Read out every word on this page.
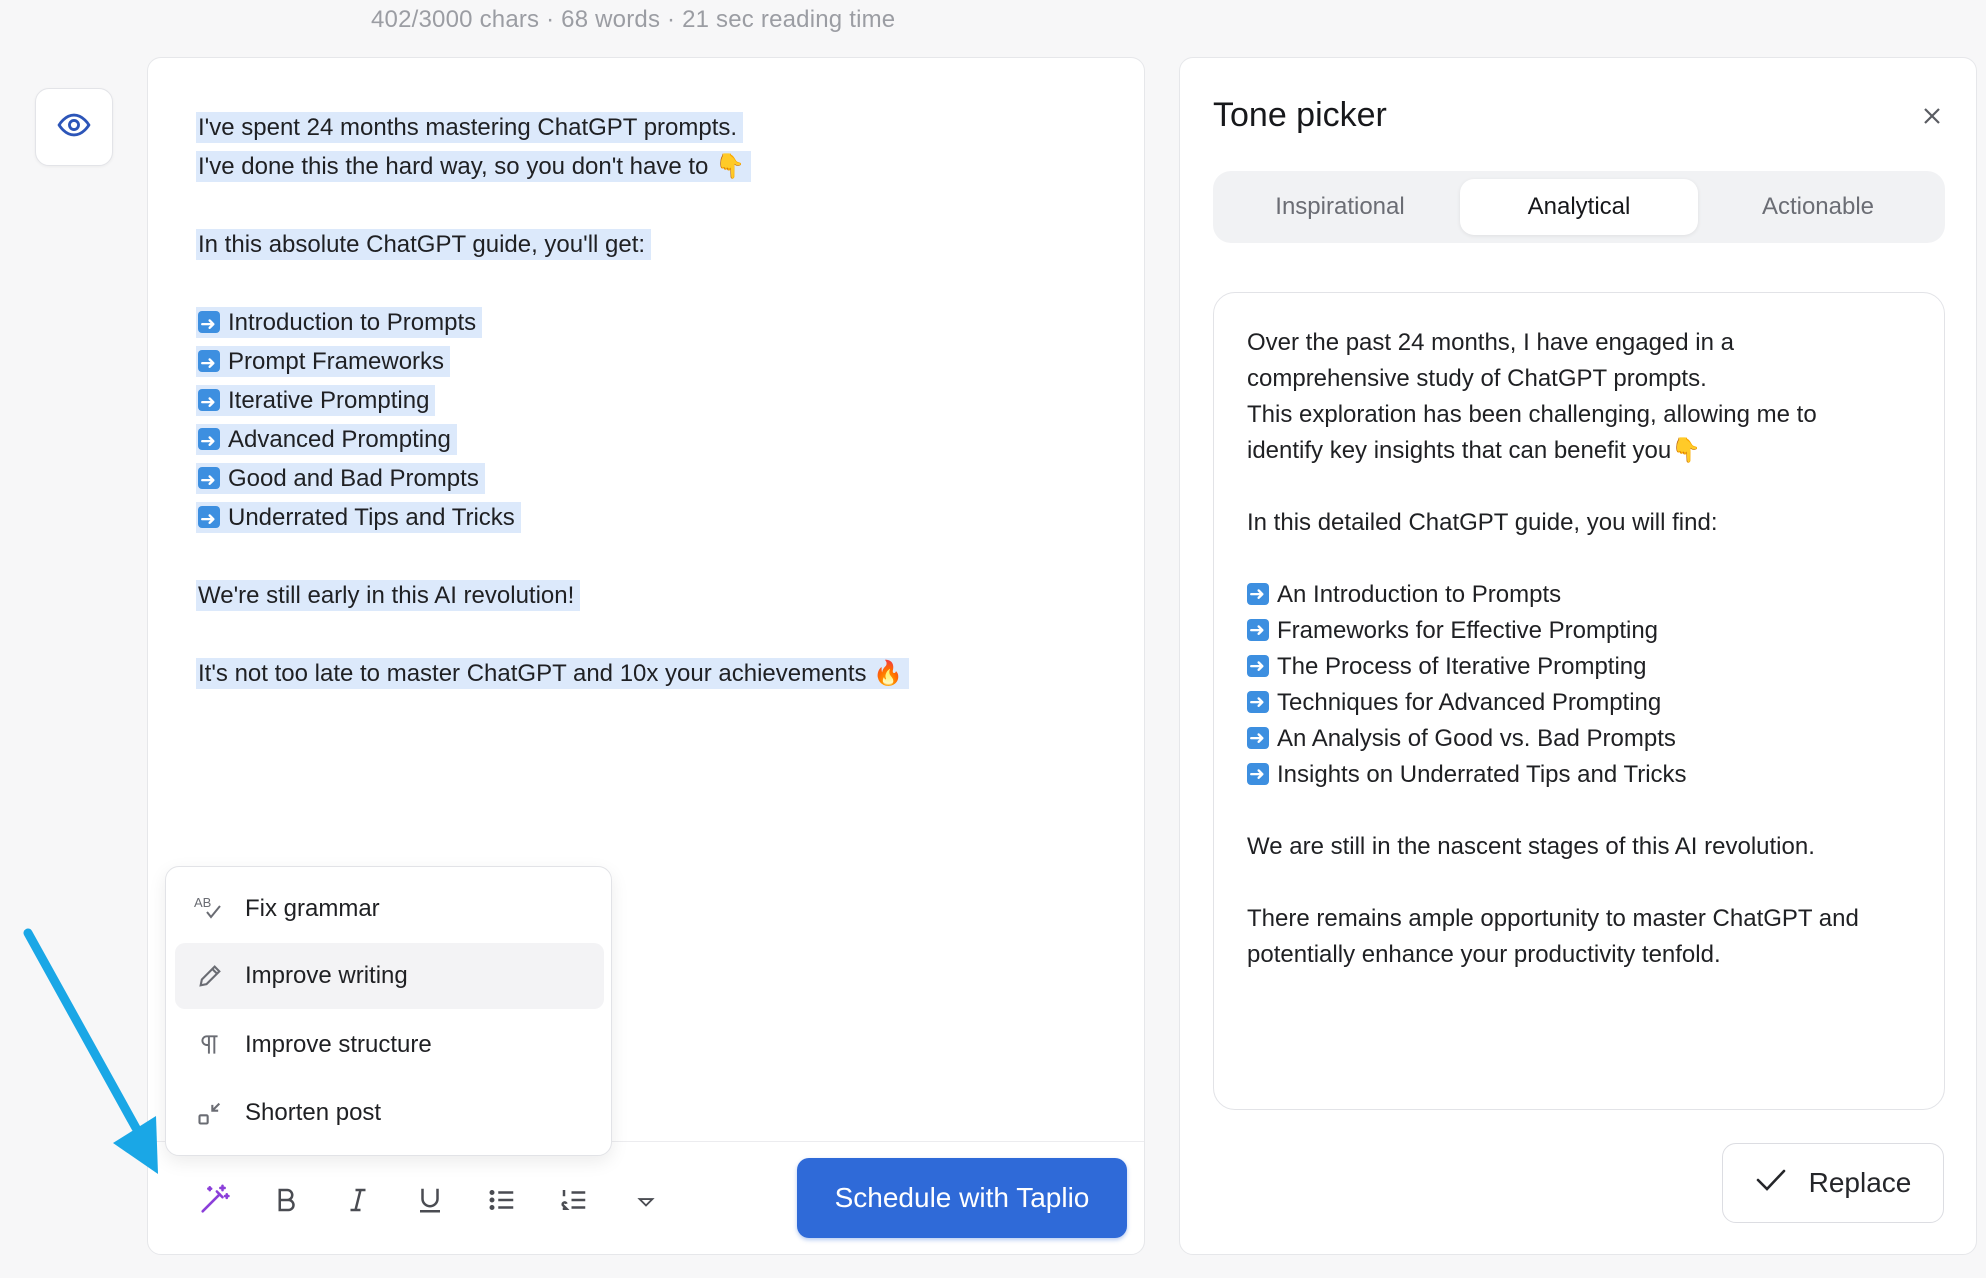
402/3000 chars · 68 words · 21 sec reading time
I've spent 24 months mastering ChatGPT prompts.
I've done this the hard way, so you don't have to 👇
In this absolute ChatGPT guide, you'll get:
➜Introduction to Prompts
➜Prompt Frameworks
➜Iterative Prompting
➜Advanced Prompting
➜Good and Bad Prompts
➜Underrated Tips and Tricks
We're still early in this AI revolution!
It's not too late to master ChatGPT and 10x your achievements 🔥
Schedule with Taplio
AB Fix grammar
Improve writing
Improve structure
Shorten post
Tone picker
Inspirational	Analytical	Actionable
Over the past 24 months, I have engaged in a
comprehensive study of ChatGPT prompts.
This exploration has been challenging, allowing me to
identify key insights that can benefit you👇
In this detailed ChatGPT guide, you will find:
➜An Introduction to Prompts
➜Frameworks for Effective Prompting
➜The Process of Iterative Prompting
➜Techniques for Advanced Prompting
➜An Analysis of Good vs. Bad Prompts
➜Insights on Underrated Tips and Tricks
We are still in the nascent stages of this AI revolution.
There remains ample opportunity to master ChatGPT and
potentially enhance your productivity tenfold.
Replace
